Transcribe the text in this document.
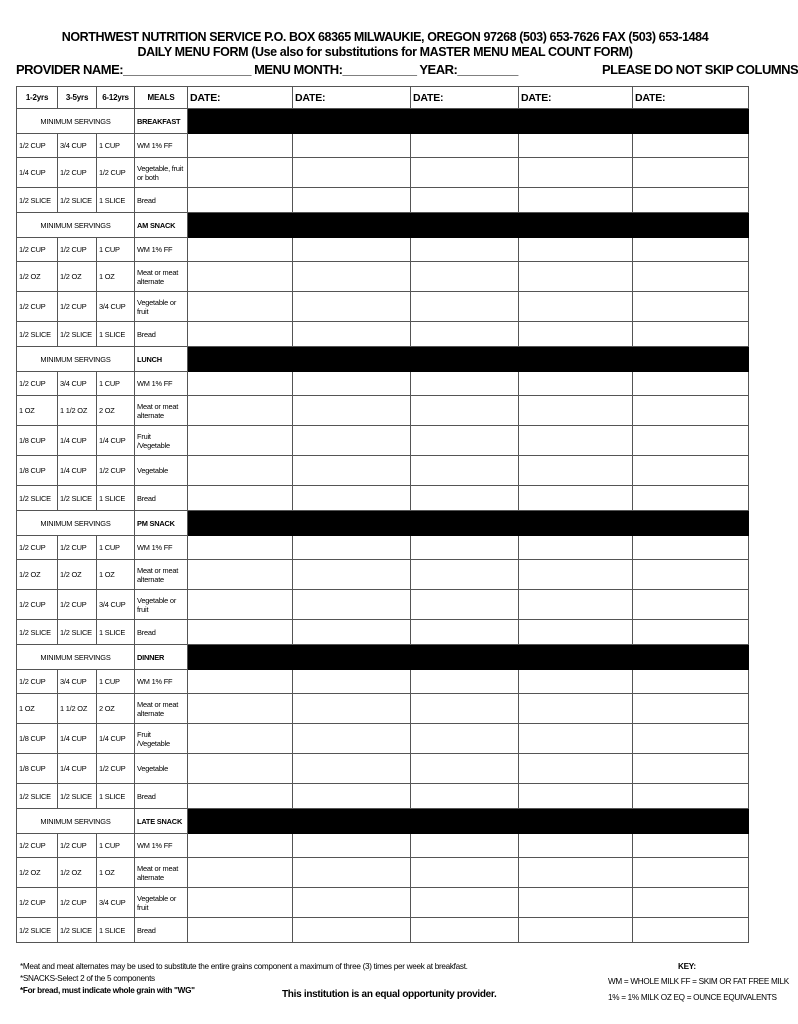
NORTHWEST NUTRITION SERVICE P.O. BOX 68365 MILWAUKIE, OREGON 97268 (503) 653-7626 FAX (503) 653-1484
DAILY MENU FORM (Use also for substitutions for MASTER MENU MEAL COUNT FORM)
PROVIDER NAME:___________________ MENU MONTH:___________ YEAR:_________	PLEASE DO NOT SKIP COLUMNS
1-2yrs	3-5yrs	6-12yrs	MEALS	DATE:	DATE:	DATE:	DATE:	DATE:
MINIMUM SERVINGS			BREAKFAST					
1/2 CUP	3/4 CUP	1 CUP	WM 1% FF					
1/4 CUP	1/2 CUP	1/2 CUP	Vegetable, fruit or both					
1/2 SLICE	1/2 SLICE	1 SLICE	Bread					
MINIMUM SERVINGS			AM SNACK					
1/2 CUP	1/2 CUP	1 CUP	WM 1% FF					
1/2 OZ	1/2 OZ	1 OZ	Meat or meat alternate					
1/2 CUP	1/2 CUP	3/4 CUP	Vegetable or fruit					
1/2 SLICE	1/2 SLICE	1 SLICE	Bread					
MINIMUM SERVINGS			LUNCH					
1/2 CUP	3/4 CUP	1 CUP	WM 1% FF					
1 OZ	1 1/2 OZ	2 OZ	Meat or meat alternate					
1/8 CUP	1/4 CUP	1/4 CUP	Fruit /Vegetable					
1/8 CUP	1/4 CUP	1/2 CUP	Vegetable					
1/2 SLICE	1/2 SLICE	1 SLICE	Bread					
MINIMUM SERVINGS			PM SNACK					
1/2 CUP	1/2 CUP	1 CUP	WM 1% FF					
1/2 OZ	1/2 OZ	1 OZ	Meat or meat alternate					
1/2 CUP	1/2 CUP	3/4 CUP	Vegetable or fruit					
1/2 SLICE	1/2 SLICE	1 SLICE	Bread					
MINIMUM SERVINGS			DINNER					
1/2 CUP	3/4 CUP	1 CUP	WM 1% FF					
1 OZ	1 1/2 OZ	2 OZ	Meat or meat alternate					
1/8 CUP	1/4 CUP	1/4 CUP	Fruit /Vegetable					
1/8 CUP	1/4 CUP	1/2 CUP	Vegetable					
1/2 SLICE	1/2 SLICE	1 SLICE	Bread					
MINIMUM SERVINGS			LATE SNACK					
1/2 CUP	1/2 CUP	1 CUP	WM 1% FF					
1/2 OZ	1/2 OZ	1 OZ	Meat or meat alternate					
1/2 CUP	1/2 CUP	3/4 CUP	Vegetable or fruit					
1/2 SLICE	1/2 SLICE	1 SLICE	Bread					
*Meat and meat alternates may be used to substitute the entire grains component a maximum of three (3) times per week at breakfast.
*SNACKS-Select 2 of the 5 components
*For bread, must indicate whole grain with "WG"	This institution is an equal opportunity provider.
KEY:
WM = WHOLE MILK FF = SKIM OR FAT FREE MILK
1% = 1% MILK OZ EQ = OUNCE EQUIVALENTS
